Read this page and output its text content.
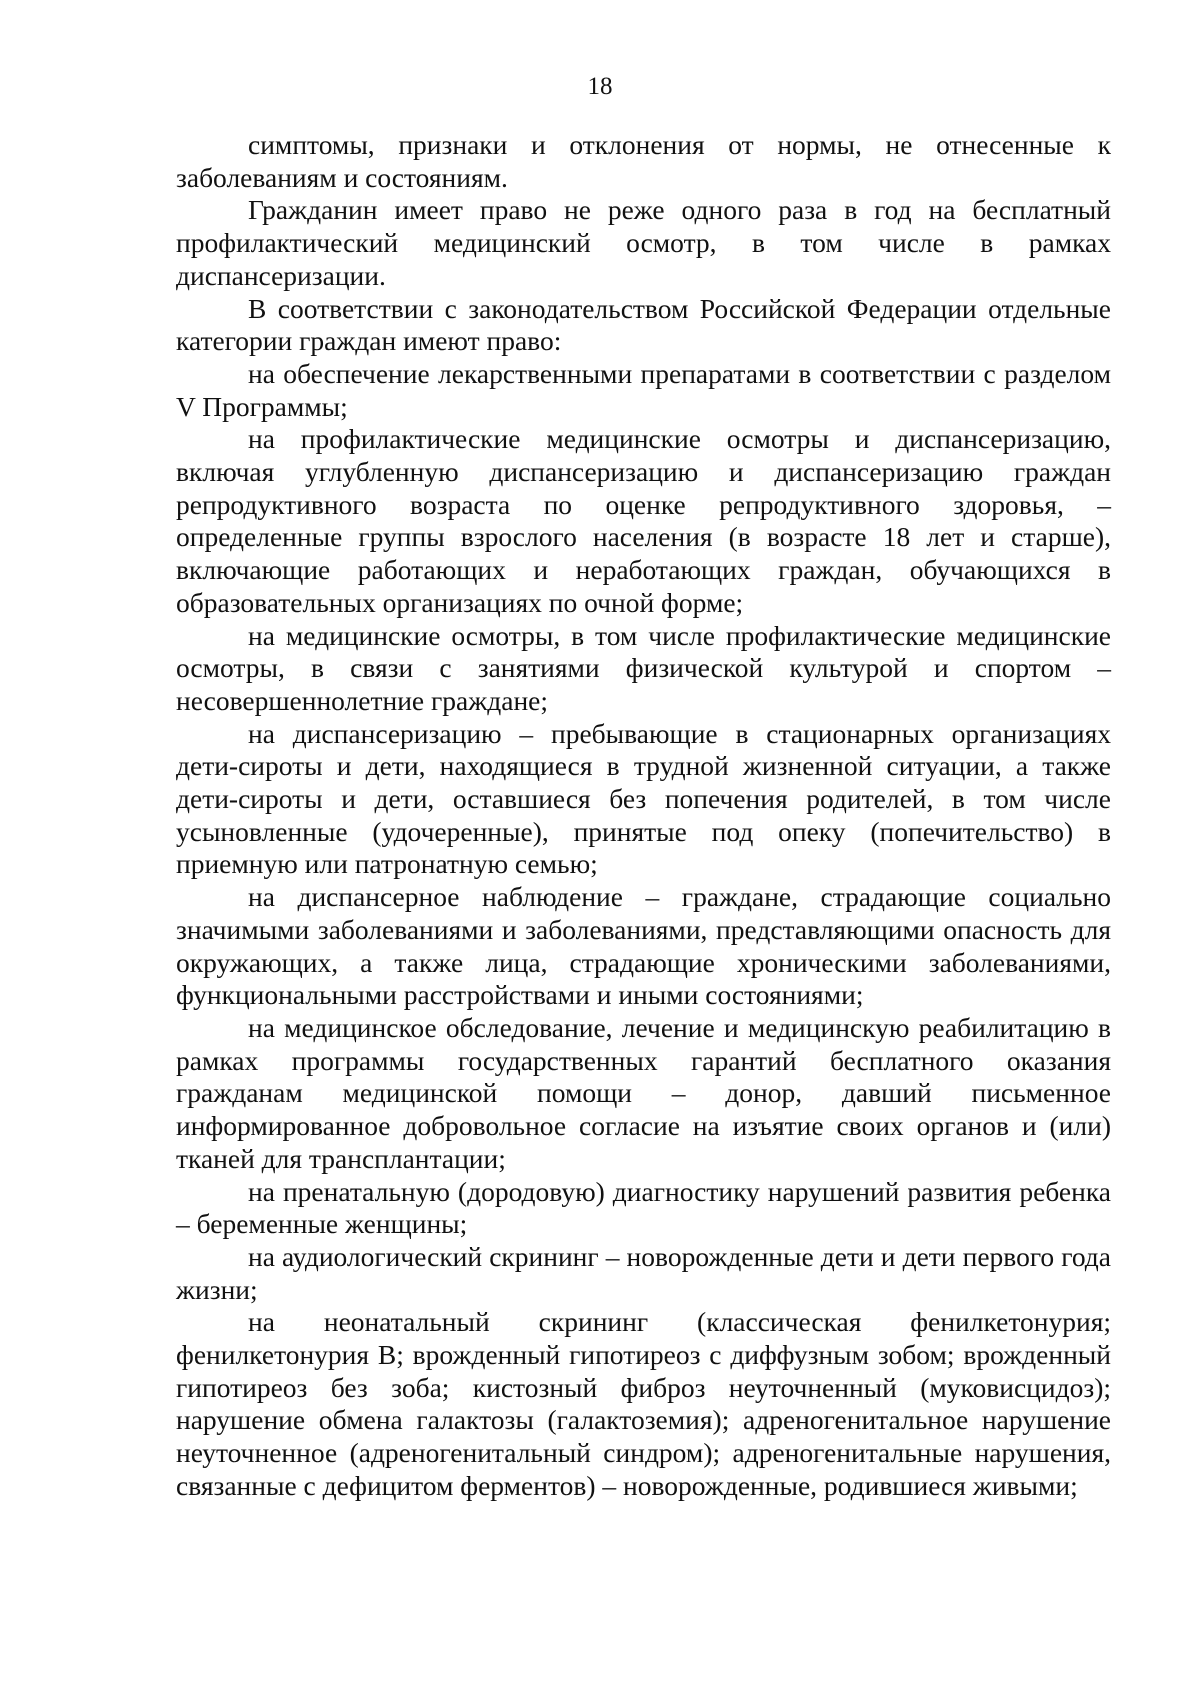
18

симптомы, признаки и отклонения от нормы, не отнесенные к заболеваниям и состояниям.

Гражданин имеет право не реже одного раза в год на бесплатный профилактический медицинский осмотр, в том числе в рамках диспансеризации.

В соответствии с законодательством Российской Федерации отдельные категории граждан имеют право:

на обеспечение лекарственными препаратами в соответствии с разделом V Программы;

на профилактические медицинские осмотры и диспансеризацию, включая углубленную диспансеризацию и диспансеризацию граждан репродуктивного возраста по оценке репродуктивного здоровья, – определенные группы взрослого населения (в возрасте 18 лет и старше), включающие работающих и неработающих граждан, обучающихся в образовательных организациях по очной форме;

на медицинские осмотры, в том числе профилактические медицинские осмотры, в связи с занятиями физической культурой и спортом – несовершеннолетние граждане;

на диспансеризацию – пребывающие в стационарных организациях дети-сироты и дети, находящиеся в трудной жизненной ситуации, а также дети-сироты и дети, оставшиеся без попечения родителей, в том числе усыновленные (удочеренные), принятые под опеку (попечительство) в приемную или патронатную семью;

на диспансерное наблюдение – граждане, страдающие социально значимыми заболеваниями и заболеваниями, представляющими опасность для окружающих, а также лица, страдающие хроническими заболеваниями, функциональными расстройствами и иными состояниями;

на медицинское обследование, лечение и медицинскую реабилитацию в рамках программы государственных гарантий бесплатного оказания гражданам медицинской помощи – донор, давший письменное информированное добровольное согласие на изъятие своих органов и (или) тканей для трансплантации;

на пренатальную (дородовую) диагностику нарушений развития ребенка – беременные женщины;

на аудиологический скрининг – новорожденные дети и дети первого года жизни;

на неонатальный скрининг (классическая фенилкетонурия; фенилкетонурия B; врожденный гипотиреоз с диффузным зобом; врожденный гипотиреоз без зоба; кистозный фиброз неуточненный (муковисцидоз); нарушение обмена галактозы (галактоземия); адреногенитальное нарушение неуточненное (адреногенитальный синдром); адреногенитальные нарушения, связанные с дефицитом ферментов) – новорожденные, родившиеся живыми;
